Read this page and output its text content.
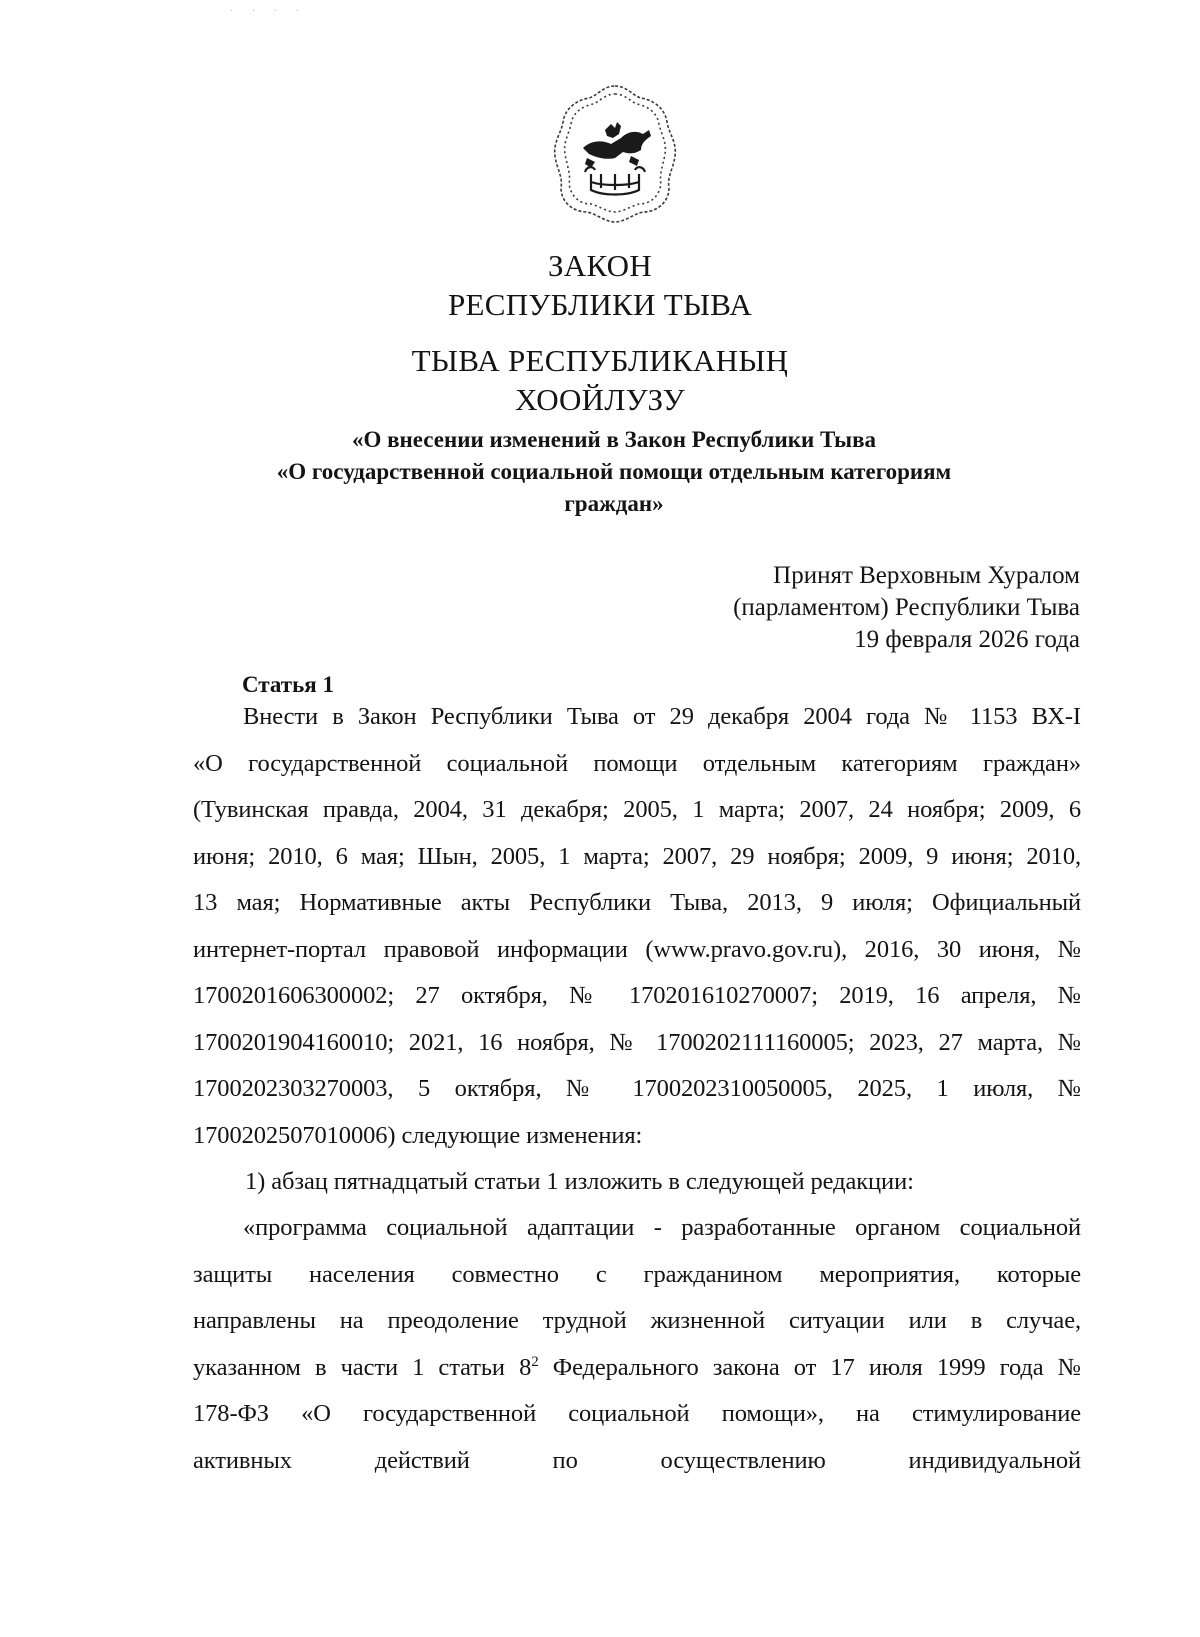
· · · ·
ЗАКОН
РЕСПУБЛИКИ ТЫВА
ТЫВА РЕСПУБЛИКАНЫҢ
ХООЙЛУЗУ
«О внесении изменений в Закон Республики Тыва
«О государственной социальной помощи отдельным категориям
граждан»
Принят Верховным Хуралом
(парламентом) Республики Тыва
19 февраля 2026 года
Статья 1
Внести в Закон Республики Тыва от 29 декабря 2004 года № 1153 ВХ-I
«О государственной социальной помощи отдельным категориям граждан»
(Тувинская правда, 2004, 31 декабря; 2005, 1 марта; 2007, 24 ноября; 2009, 6
июня; 2010, 6 мая; Шын, 2005, 1 марта; 2007, 29 ноября; 2009, 9 июня; 2010,
13 мая; Нормативные акты Республики Тыва, 2013, 9 июля; Официальный
интернет-портал правовой информации (www.pravo.gov.ru), 2016, 30 июня, №
1700201606300002; 27 октября, № 170201610270007; 2019, 16 апреля, №
1700201904160010; 2021, 16 ноября, № 1700202111160005; 2023, 27 марта, №
1700202303270003, 5 октября, № 1700202310050005, 2025, 1 июля, №
1700202507010006) следующие изменения:
1) абзац пятнадцатый статьи 1 изложить в следующей редакции:
«программа социальной адаптации - разработанные органом социальной
защиты населения совместно с гражданином мероприятия, которые
направлены на преодоление трудной жизненной ситуации или в случае,
указанном в части 1 статьи $8^2$ Федерального закона от 17 июля 1999 года №
178-ФЗ «О государственной социальной помощи», на стимулирование
активных действий по осуществлению индивидуальной
